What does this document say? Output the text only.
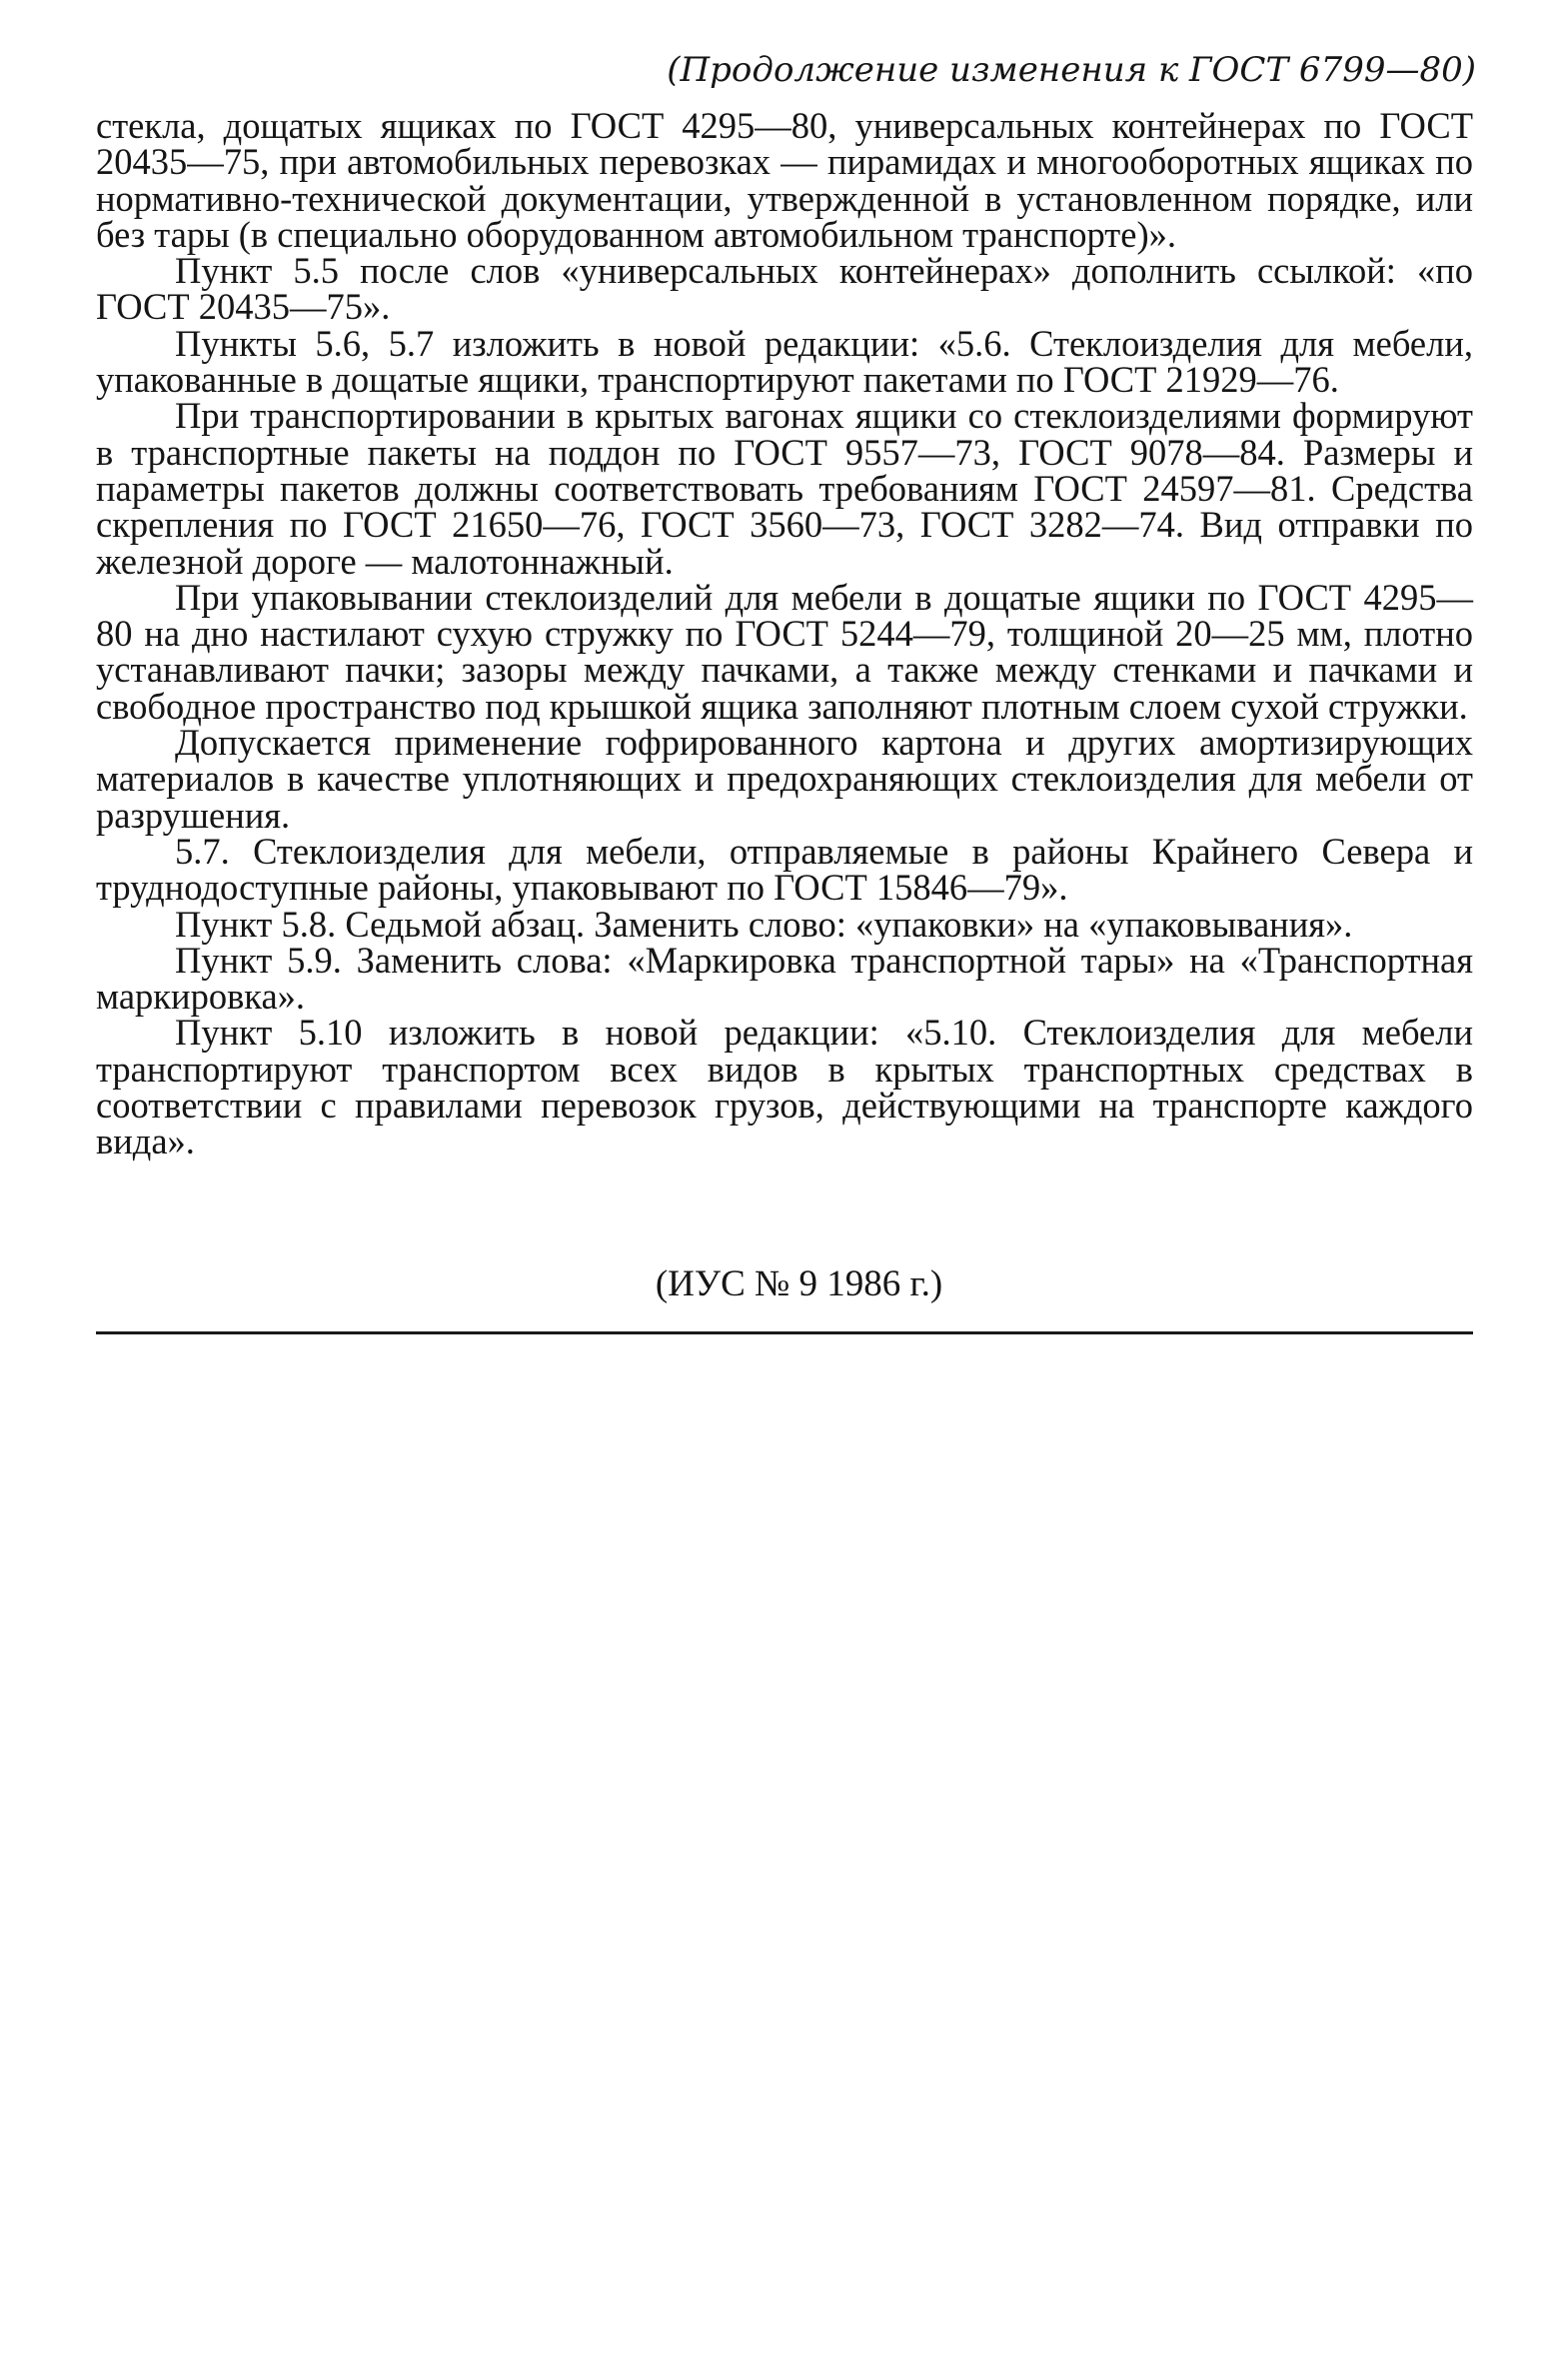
(Продолжение изменения к ГОСТ 6799—80)

стекла, дощатых ящиках по ГОСТ 4295—80, универсальных контейнерах по ГОСТ 20435—75, при автомобильных перевозках — пирамидах и многооборотных ящиках по нормативно-технической документации, утвержденной в установленном порядке, или без тары (в специально оборудованном автомобильном транспорте)».

Пункт 5.5 после слов «универсальных контейнерах» дополнить ссылкой: «по ГОСТ 20435—75».

Пункты 5.6, 5.7 изложить в новой редакции: «5.6. Стеклоизделия для мебели, упакованные в дощатые ящики, транспортируют пакетами по ГОСТ 21929—76.

При транспортировании в крытых вагонах ящики со стеклоизделиями формируют в транспортные пакеты на поддон по ГОСТ 9557—73, ГОСТ 9078—84. Размеры и параметры пакетов должны соответствовать требованиям ГОСТ 24597—81. Средства скрепления по ГОСТ 21650—76, ГОСТ 3560—73, ГОСТ 3282—74. Вид отправки по железной дороге — малотоннажный.

При упаковывании стеклоизделий для мебели в дощатые ящики по ГОСТ 4295—80 на дно настилают сухую стружку по ГОСТ 5244—79, толщиной 20—25 мм, плотно устанавливают пачки; зазоры между пачками, а также между стенками и пачками и свободное пространство под крышкой ящика заполняют плотным слоем сухой стружки.

Допускается применение гофрированного картона и других амортизирующих материалов в качестве уплотняющих и предохраняющих стеклоизделия для мебели от разрушения.

5.7. Стеклоизделия для мебели, отправляемые в районы Крайнего Севера и труднодоступные районы, упаковывают по ГОСТ 15846—79».

Пункт 5.8. Седьмой абзац. Заменить слово: «упаковки» на «упаковывания».

Пункт 5.9. Заменить слова: «Маркировка транспортной тары» на «Транспортная маркировка».

Пункт 5.10 изложить в новой редакции: «5.10. Стеклоизделия для мебели транспортируют транспортом всех видов в крытых транспортных средствах в соответствии с правилами перевозок грузов, действующими на транспорте каждого вида».

(ИУС № 9 1986 г.)
